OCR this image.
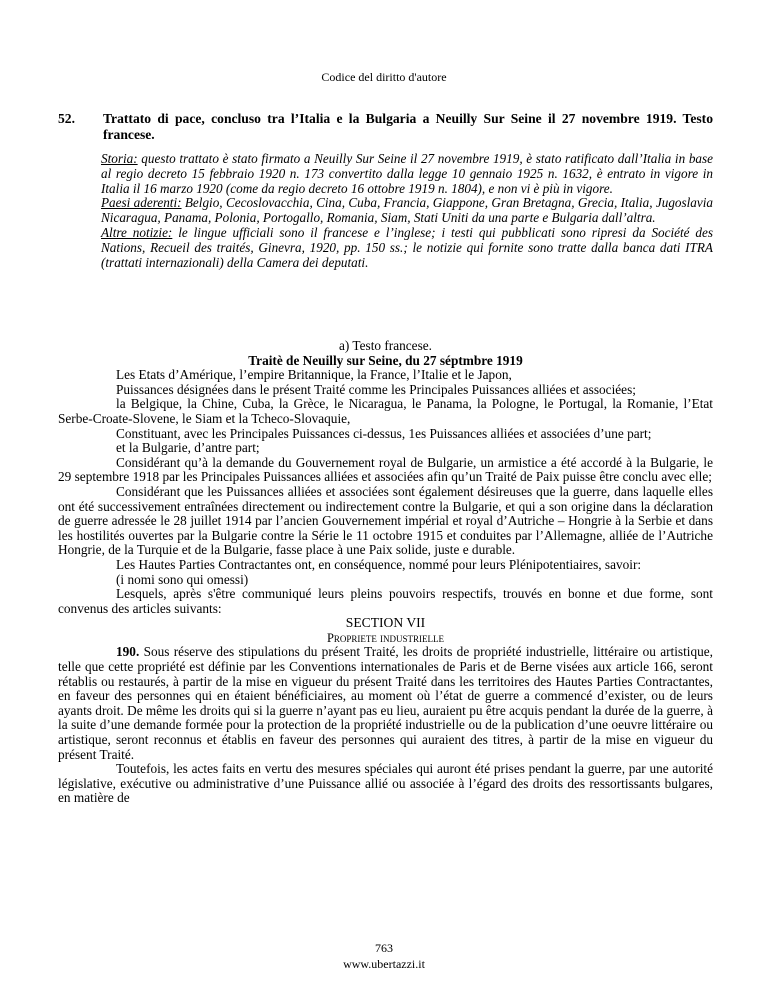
Codice del diritto d'autore
52. Trattato di pace, concluso tra l’Italia e la Bulgaria a Neuilly Sur Seine il 27 novembre 1919. Testo francese.

Storia: questo trattato è stato firmato a Neuilly Sur Seine il 27 novembre 1919, è stato ratificato dall’Italia in base al regio decreto 15 febbraio 1920 n. 173 convertito dalla legge 10 gennaio 1925 n. 1632, è entrato in vigore in Italia il 16 marzo 1920 (come da regio decreto 16 ottobre 1919 n. 1804), e non vi è più in vigore.

Paesi aderenti: Belgio, Cecoslovacchia, Cina, Cuba, Francia, Giappone, Gran Bretagna, Grecia, Italia, Jugoslavia Nicaragua, Panama, Polonia, Portogallo, Romania, Siam, Stati Uniti da una parte e Bulgaria dall’altra.

Altre notizie: le lingue ufficiali sono il francese e l’inglese; i testi qui pubblicati sono ripresi da Société des Nations, Recueil des traités, Ginevra, 1920, pp. 150 ss.; le notizie qui fornite sono tratte dalla banca dati ITRA (trattati internazionali) della Camera dei deputati.

a) Testo francese.

Traitè de Neuilly sur Seine, du 27 séptmbre 1919

Les Etats d’Amérique, l’empire Britannique, la France, l’Italie et le Japon,

Puissances désignées dans le présent Traité comme les Principales Puissances alliées et associées;

la Belgique, la Chine, Cuba, la Grèce, le Nicaragua, le Panama, la Pologne, le Portugal, la Romanie, l’Etat Serbe-Croate-Slovene, le Siam et la Tcheco-Slovaquie,

Constituant, avec les Principales Puissances ci-dessus, 1es Puissances alliées et associées d’une part;

et la Bulgarie, d’antre part;

Considérant qu’à la demande du Gouvernement royal de Bulgarie, un armistice a été accordé à la Bulgarie, le 29 septembre 1918 par les Principales Puissances alliées et associées afin qu’un Traité de Paix puisse être conclu avec elle;

Considérant que les Puissances alliées et associées sont également désireuses que la guerre, dans laquelle elles ont été successivement entraînées directement ou indirectement contre la Bulgarie, et qui a son origine dans la déclaration de guerre adressée le 28 juillet 1914 par l’ancien Gouvernement impérial et royal d’Autriche – Hongrie à la Serbie et dans les hostilités ouvertes par la Bulgarie contre la Série le 11 octobre 1915 et conduites par l’Allemagne, alliée de l’Autriche Hongrie, de la Turquie et de la Bulgarie, fasse place à une Paix solide, juste e durable.

Les Hautes Parties Contractantes ont, en conséquence, nommé pour leurs Plénipotentiaires, savoir:

(i nomi sono qui omessi)

Lesquels, après s'être communiqué leurs pleins pouvoirs respectifs, trouvés en bonne et due forme, sont convenus des articles suivants:

SECTION VII

Propriete industrielle

190. Sous réserve des stipulations du présent Traité, les droits de propriété industrielle, littéraire ou artistique, telle que cette propriété est définie par les Conventions internationales de Paris et de Berne visées aux article 166, seront rétablis ou restaurés, à partir de la mise en vigueur du présent Traité dans les territoires des Hautes Parties Contractantes, en faveur des personnes qui en étaient bénéficiaires, au moment où l’état de guerre a commencé d’exister, ou de leurs ayants droit. De même les droits qui si la guerre n’ayant pas eu lieu, auraient pu être acquis pendant la durée de la guerre, à la suite d’une demande formée pour la protection de la propriété industrielle ou de la publication d’une oeuvre littéraire ou artistique, seront reconnus et établis en faveur des personnes qui auraient des titres, à partir de la mise en vigueur du présent Traité.

Toutefois, les actes faits en vertu des mesures spéciales qui auront été prises pendant la guerre, par une autorité législative, exécutive ou administrative d’une Puissance allié ou associée à l’égard des droits des ressortissants bulgares, en matière de

763
www.ubertazzi.it
